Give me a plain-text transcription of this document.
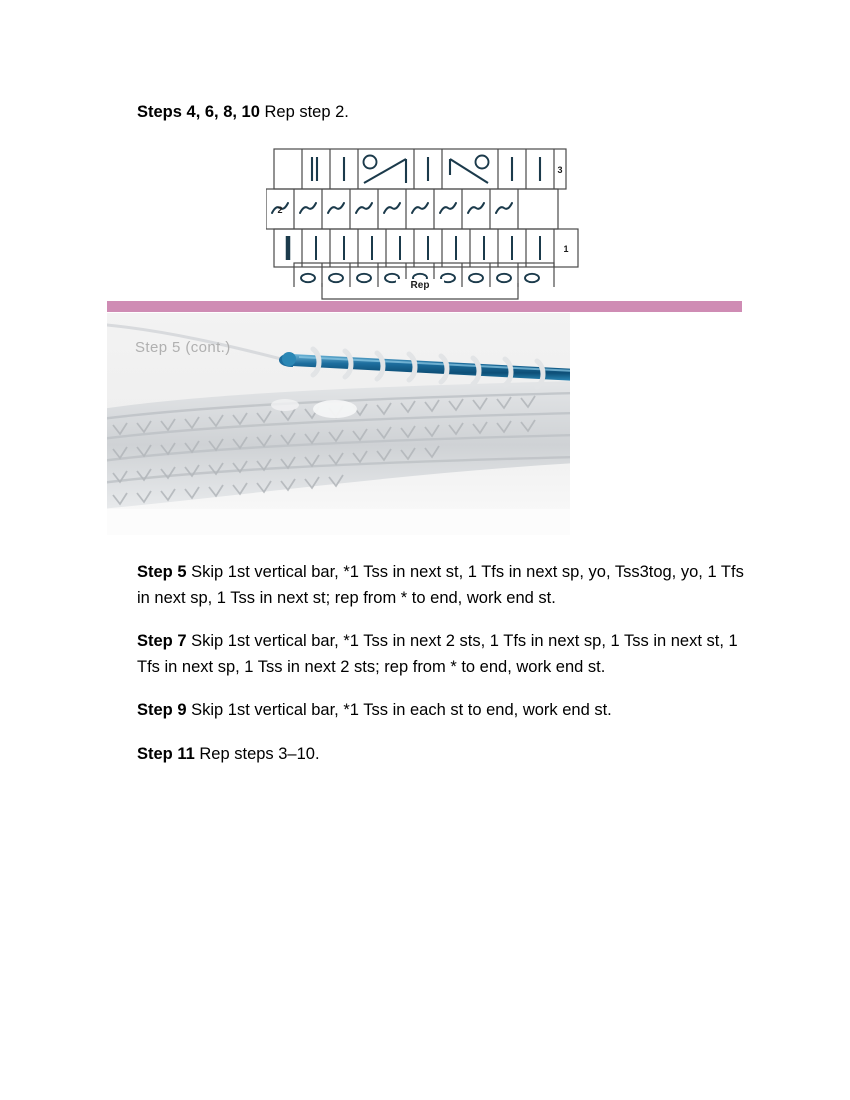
Steps 4, 6, 8, 10 Rep step 2.
3
2
1
Rep
Step 5 (cont.)

Step 5 Skip 1st vertical bar, *1 Tss in next st, 1 Tfs in next sp, yo, Tss3tog, yo, 1 Tfs in next sp, 1 Tss in next st; rep from * to end, work end st.

Step 7 Skip 1st vertical bar, *1 Tss in next 2 sts, 1 Tfs in next sp, 1 Tss in next st, 1 Tfs in next sp, 1 Tss in next 2 sts; rep from * to end, work end st.

Step 9 Skip 1st vertical bar, *1 Tss in each st to end, work end st.

Step 11 Rep steps 3–10.
